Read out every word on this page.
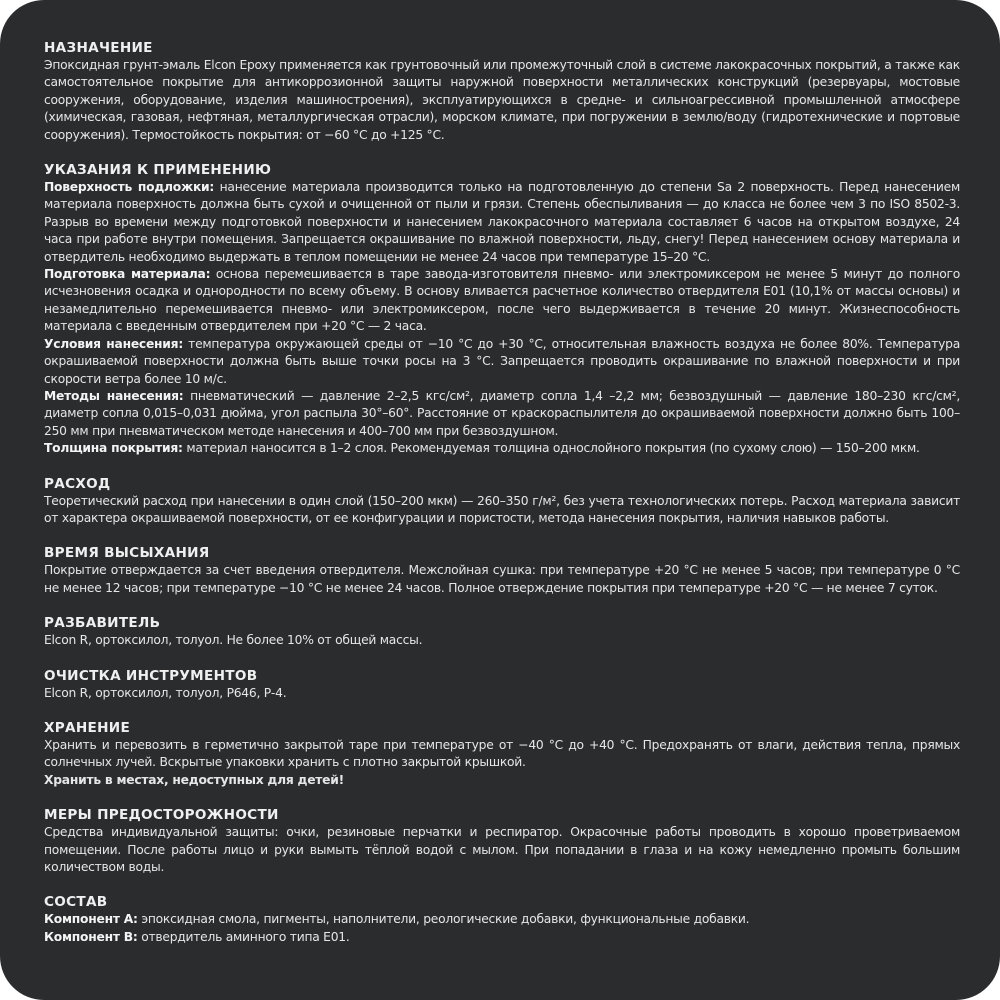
НАЗНАЧЕНИЕ
Эпоксидная грунт-эмаль Elcon Epoxy применяется как грунтовочный или промежуточный слой в системе лакокрасочных покрытий, а также как самостоятельное покрытие для антикоррозионной защиты наружной поверхности металлических конструкций (резервуары, мостовые сооружения, оборудование, изделия машиностроения), эксплуатирующихся в средне- и сильноагрессивной промышленной атмосфере (химическая, газовая, нефтяная, металлургическая отрасли), морском климате, при погружении в землю/воду (гидротехнические и портовые сооружения). Термостойкость покрытия: от −60 °С до +125 °С.
УКАЗАНИЯ К ПРИМЕНЕНИЮ
Поверхность подложки: нанесение материала производится только на подготовленную до степени Sa 2 поверхность. Перед нанесением материала поверхность должна быть сухой и очищенной от пыли и грязи. Степень обеспыливания — до класса не более чем 3 по ISO 8502-3. Разрыв во времени между подготовкой поверхности и нанесением лакокрасочного материала составляет 6 часов на открытом воздухе, 24 часа при работе внутри помещения. Запрещается окрашивание по влажной поверхности, льду, снегу! Перед нанесением основу материала и отвердитель необходимо выдержать в теплом помещении не менее 24 часов при температуре 15–20 °С.
Подготовка материала: основа перемешивается в таре завода-изготовителя пневмо- или электромиксером не менее 5 минут до полного исчезновения осадка и однородности по всему объему. В основу вливается расчетное количество отвердителя Е01 (10,1% от массы основы) и незамедлительно перемешивается пневмо- или электромиксером, после чего выдерживается в течение 20 минут. Жизнеспособность материала с введенным отвердителем при +20 °С — 2 часа.
Условия нанесения: температура окружающей среды от −10 °С до +30 °С, относительная влажность воздуха не более 80%. Температура окрашиваемой поверхности должна быть выше точки росы на 3 °С. Запрещается проводить окрашивание по влажной поверхности и при скорости ветра более 10 м/с.
Методы нанесения: пневматический — давление 2–2,5 кгс/см², диаметр сопла 1,4 –2,2 мм; безвоздушный — давление 180–230 кгс/см², диаметр сопла 0,015–0,031 дюйма, угол распыла 30°–60°. Расстояние от краскораспылителя до окрашиваемой поверхности должно быть 100–250 мм при пневматическом методе нанесения и 400–700 мм при безвоздушном.
Толщина покрытия: материал наносится в 1–2 слоя. Рекомендуемая толщина однослойного покрытия (по сухому слою) — 150–200 мкм.
РАСХОД
Теоретический расход при нанесении в один слой (150–200 мкм) — 260–350 г/м², без учета технологических потерь. Расход материала зависит от характера окрашиваемой поверхности, от ее конфигурации и пористости, метода нанесения покрытия, наличия навыков работы.
ВРЕМЯ ВЫСЫХАНИЯ
Покрытие отверждается за счет введения отвердителя. Межслойная сушка: при температуре +20 °С не менее 5 часов; при температуре 0 °С не менее 12 часов; при температуре −10 °С не менее 24 часов. Полное отверждение покрытия при температуре +20 °С — не менее 7 суток.
РАЗБАВИТЕЛЬ
Elcon R, ортоксилол, толуол. Не более 10% от общей массы.
ОЧИСТКА ИНСТРУМЕНТОВ
Elcon R, ортоксилол, толуол, Р646, Р-4.
ХРАНЕНИЕ
Хранить и перевозить в герметично закрытой таре при температуре от −40 °С до +40 °С. Предохранять от влаги, действия тепла, прямых солнечных лучей. Вскрытые упаковки хранить с плотно закрытой крышкой.
Хранить в местах, недоступных для детей!
МЕРЫ ПРЕДОСТОРОЖНОСТИ
Средства индивидуальной защиты: очки, резиновые перчатки и респиратор. Окрасочные работы проводить в хорошо проветриваемом помещении. После работы лицо и руки вымыть тёплой водой с мылом. При попадании в глаза и на кожу немедленно промыть большим количеством воды.
СОСТАВ
Компонент А: эпоксидная смола, пигменты, наполнители, реологические добавки, функциональные добавки.
Компонент В: отвердитель аминного типа Е01.
